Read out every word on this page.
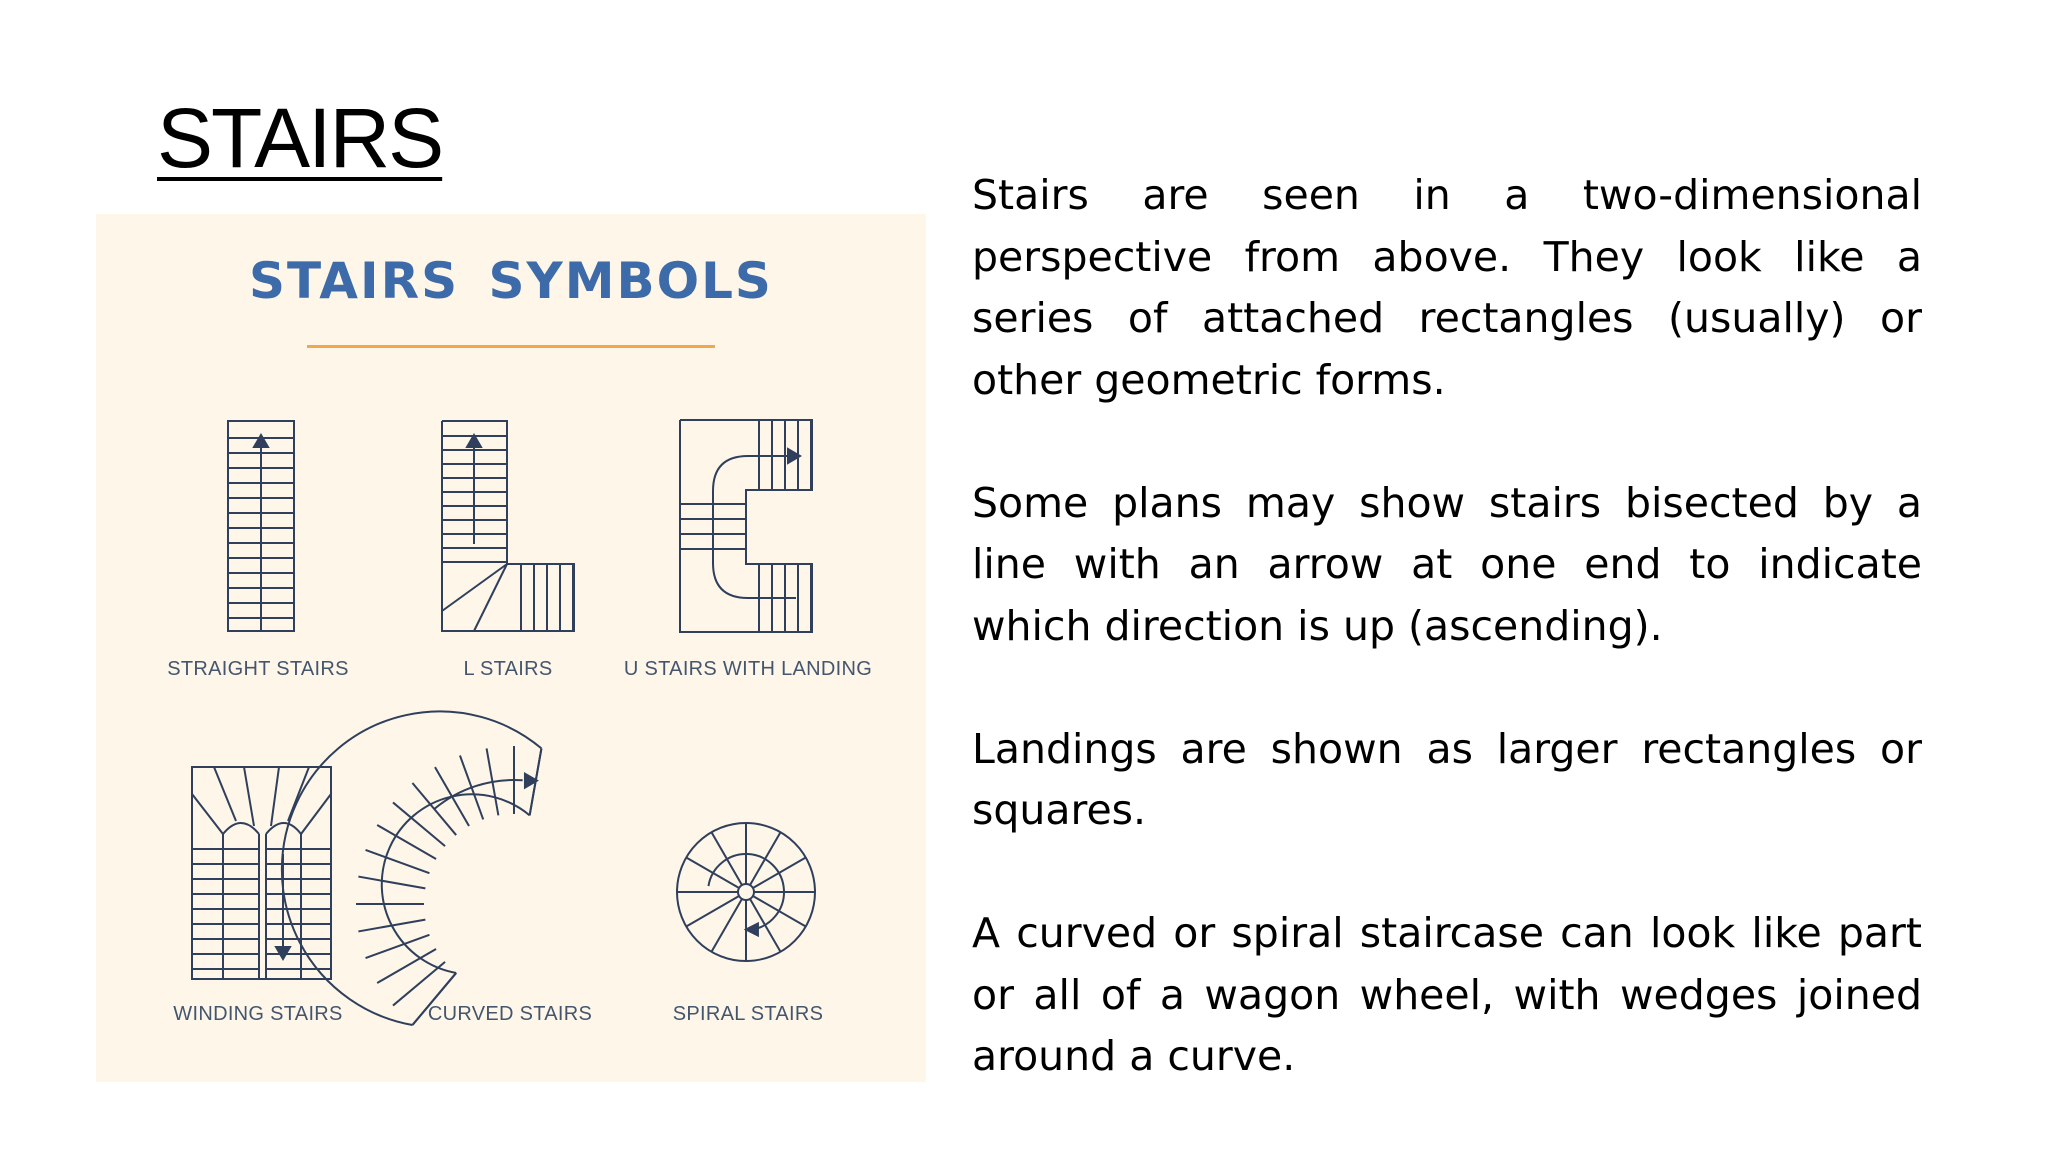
STAIRS
STAIRS SYMBOLS
STRAIGHT STAIRS	L STAIRS	U STAIRS WITH LANDING
WINDING STAIRS	CURVED STAIRS	SPIRAL STAIRS

Stairs are seen in a two-dimensional perspective from above. They look like a series of attached rectangles (usually) or other geometric forms.

Some plans may show stairs bisected by a line with an arrow at one end to indicate which direction is up (ascending).

Landings are shown as larger rectangles or squares.

A curved or spiral staircase can look like part or all of a wagon wheel, with wedges joined around a curve.
